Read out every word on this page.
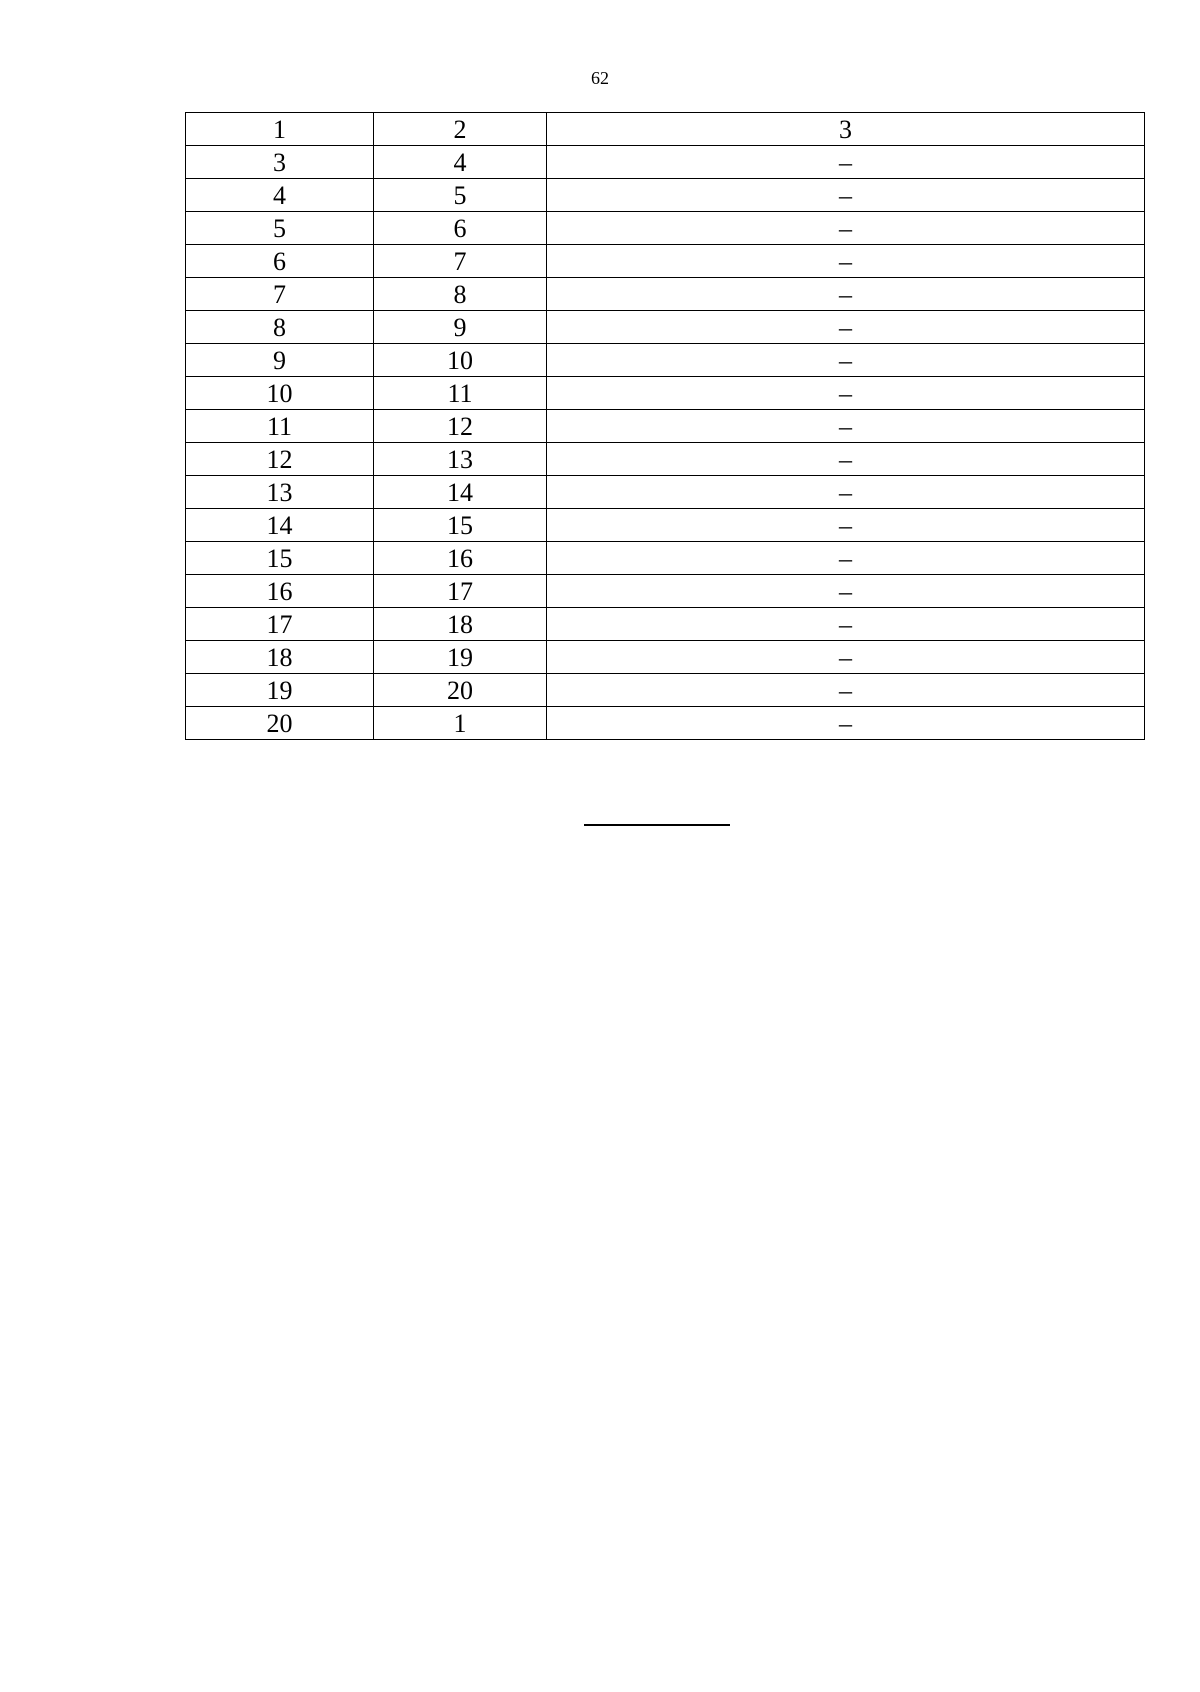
62
1	2	3
3	4	–
4	5	–
5	6	–
6	7	–
7	8	–
8	9	–
9	10	–
10	11	–
11	12	–
12	13	–
13	14	–
14	15	–
15	16	–
16	17	–
17	18	–
18	19	–
19	20	–
20	1	–
